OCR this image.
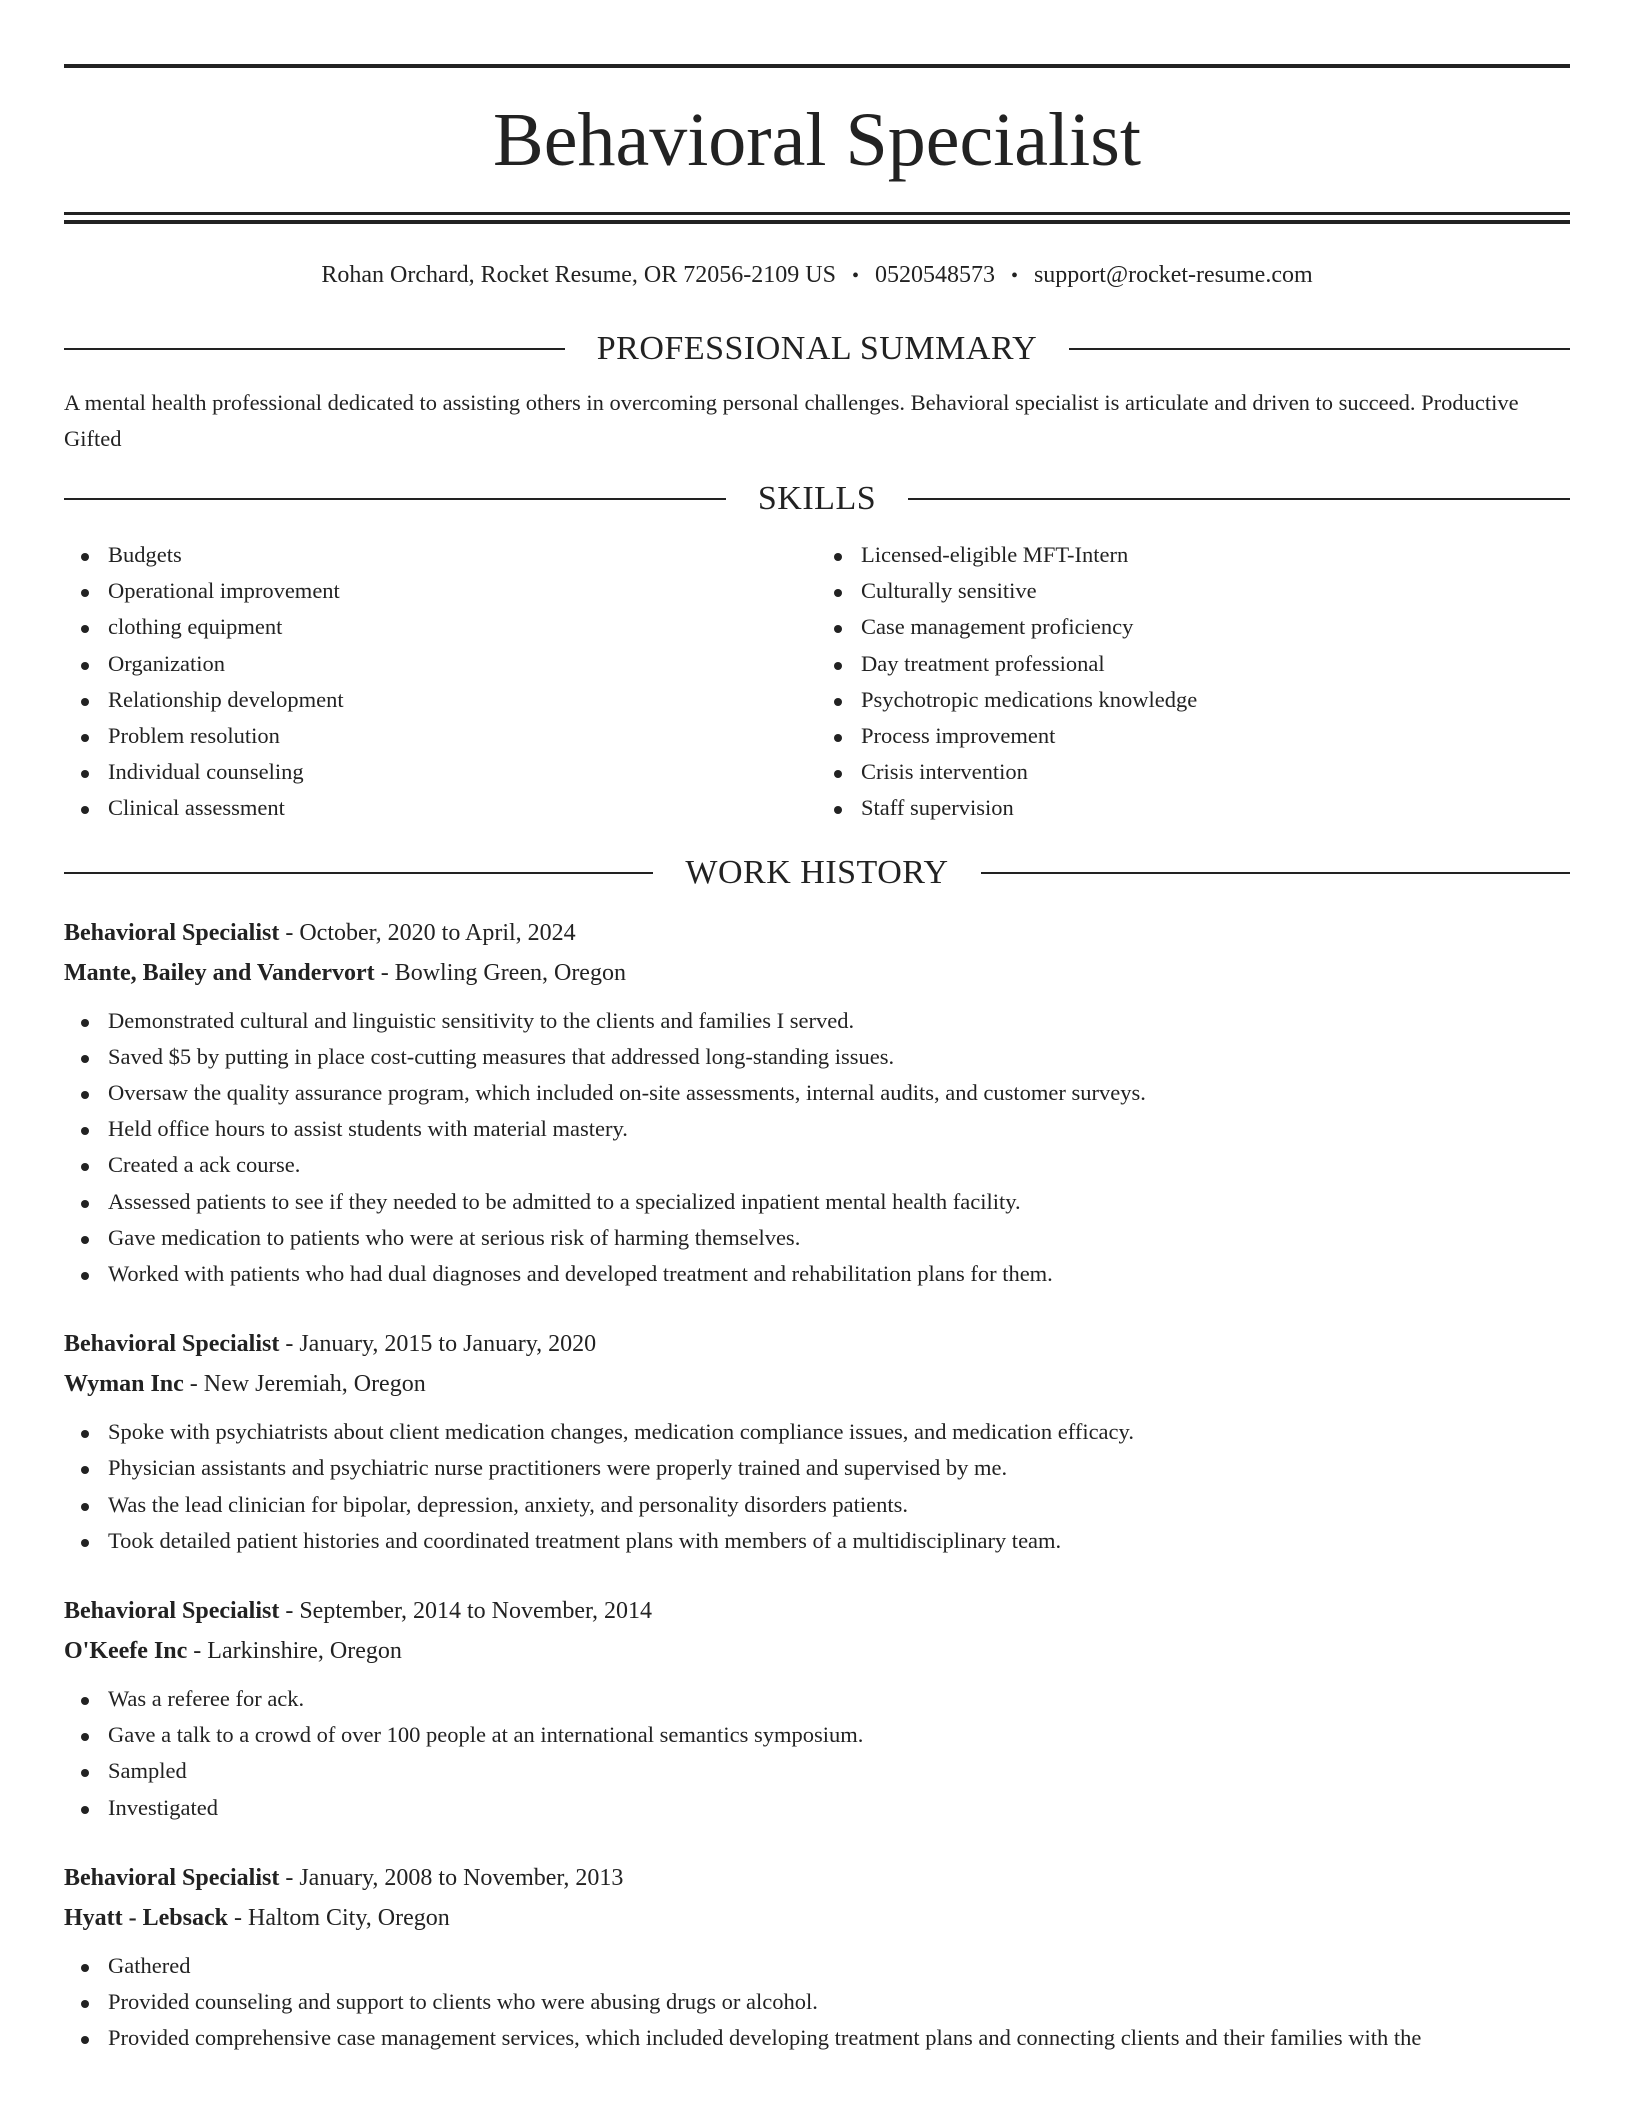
Behavioral Specialist
Rohan Orchard, Rocket Resume, OR 72056-2109 US • 0520548573 • support@rocket-resume.com
PROFESSIONAL SUMMARY
A mental health professional dedicated to assisting others in overcoming personal challenges. Behavioral specialist is articulate and driven to succeed. Productive Gifted
SKILLS
Budgets
Operational improvement
clothing equipment
Organization
Relationship development
Problem resolution
Individual counseling
Clinical assessment
Licensed-eligible MFT-Intern
Culturally sensitive
Case management proficiency
Day treatment professional
Psychotropic medications knowledge
Process improvement
Crisis intervention
Staff supervision
WORK HISTORY
Behavioral Specialist - October, 2020 to April, 2024
Mante, Bailey and Vandervort - Bowling Green, Oregon
Demonstrated cultural and linguistic sensitivity to the clients and families I served.
Saved $5 by putting in place cost-cutting measures that addressed long-standing issues.
Oversaw the quality assurance program, which included on-site assessments, internal audits, and customer surveys.
Held office hours to assist students with material mastery.
Created a ack course.
Assessed patients to see if they needed to be admitted to a specialized inpatient mental health facility.
Gave medication to patients who were at serious risk of harming themselves.
Worked with patients who had dual diagnoses and developed treatment and rehabilitation plans for them.
Behavioral Specialist - January, 2015 to January, 2020
Wyman Inc - New Jeremiah, Oregon
Spoke with psychiatrists about client medication changes, medication compliance issues, and medication efficacy.
Physician assistants and psychiatric nurse practitioners were properly trained and supervised by me.
Was the lead clinician for bipolar, depression, anxiety, and personality disorders patients.
Took detailed patient histories and coordinated treatment plans with members of a multidisciplinary team.
Behavioral Specialist - September, 2014 to November, 2014
O'Keefe Inc - Larkinshire, Oregon
Was a referee for ack.
Gave a talk to a crowd of over 100 people at an international semantics symposium.
Sampled
Investigated
Behavioral Specialist - January, 2008 to November, 2013
Hyatt - Lebsack - Haltom City, Oregon
Gathered
Provided counseling and support to clients who were abusing drugs or alcohol.
Provided comprehensive case management services, which included developing treatment plans and connecting clients and their families with the
